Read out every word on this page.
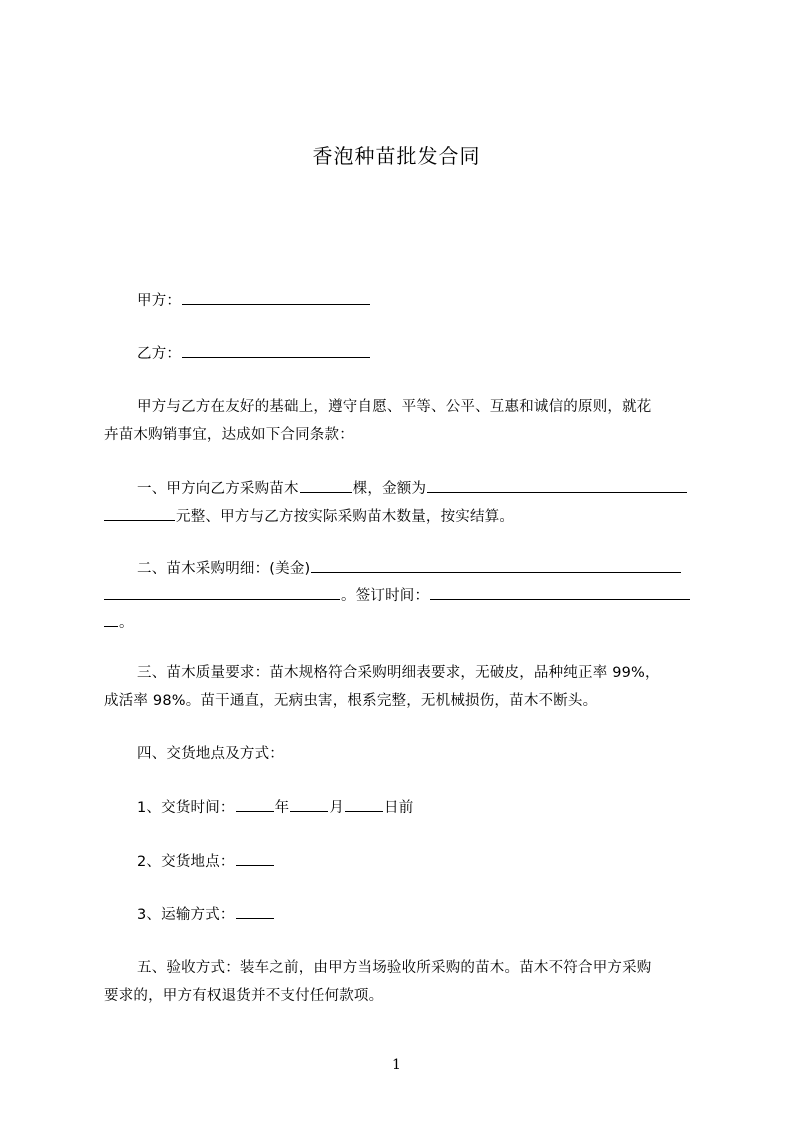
香泡种苗批发合同
甲方：
乙方：
甲方与乙方在友好的基础上，遵守自愿、平等、公平、互惠和诚信的原则，就花
卉苗木购销事宜，达成如下合同条款：
一、甲方向乙方采购苗木	棵，金额为
元整、甲方与乙方按实际采购苗木数量，按实结算。
二、苗木采购明细：(美金)
。签订时间：
。
三、苗木质量要求：苗木规格符合采购明细表要求，无破皮，品种纯正率 99%，
成活率 98%。苗干通直，无病虫害，根系完整，无机械损伤，苗木不断头。
四、交货地点及方式：
1、交货时间：	年	月	日前
2、交货地点：
3、运输方式：
五、验收方式：装车之前，由甲方当场验收所采购的苗木。苗木不符合甲方采购
要求的，甲方有权退货并不支付任何款项。
1
